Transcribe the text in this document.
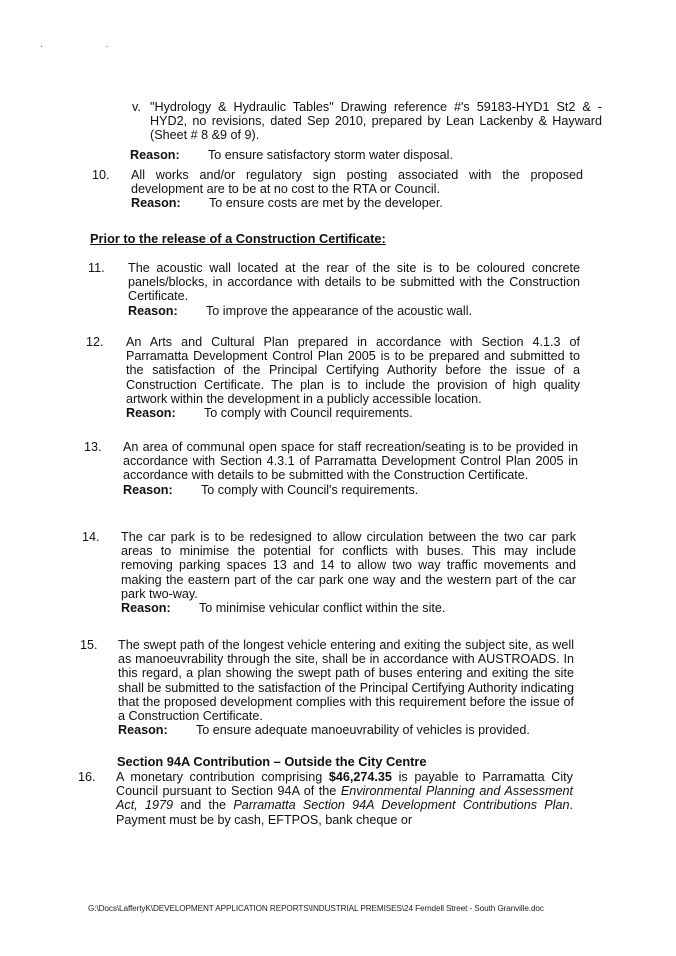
. .
v. "Hydrology & Hydraulic Tables" Drawing reference #'s 59183-HYD1 St2 & -HYD2, no revisions, dated Sep 2010, prepared by Lean Lackenby & Hayward (Sheet # 8 &9 of 9).

Reason: To ensure satisfactory storm water disposal.

10.	All works and/or regulatory sign posting associated with the proposed development are to be at no cost to the RTA or Council.

Reason: To ensure costs are met by the developer.

Prior to the release of a Construction Certificate:
11.	The acoustic wall located at the rear of the site is to be coloured concrete panels/blocks, in accordance with details to be submitted with the Construction Certificate.

Reason: To improve the appearance of the acoustic wall.

12.	An Arts and Cultural Plan prepared in accordance with Section 4.1.3 of Parramatta Development Control Plan 2005 is to be prepared and submitted to the satisfaction of the Principal Certifying Authority before the issue of a Construction Certificate. The plan is to include the provision of high quality artwork within the development in a publicly accessible location.

Reason: To comply with Council requirements.

13.	An area of communal open space for staff recreation/seating is to be provided in accordance with Section 4.3.1 of Parramatta Development Control Plan 2005 in accordance with details to be submitted with the Construction Certificate.

Reason: To comply with Council's requirements.

14.	The car park is to be redesigned to allow circulation between the two car park areas to minimise the potential for conflicts with buses. This may include removing parking spaces 13 and 14 to allow two way traffic movements and making the eastern part of the car park one way and the western part of the car park two-way.

Reason: To minimise vehicular conflict within the site.

15.	The swept path of the longest vehicle entering and exiting the subject site, as well as manoeuvrability through the site, shall be in accordance with AUSTROADS. In this regard, a plan showing the swept path of buses entering and exiting the site shall be submitted to the satisfaction of the Principal Certifying Authority indicating that the proposed development complies with this requirement before the issue of a Construction Certificate.

Reason: To ensure adequate manoeuvrability of vehicles is provided.

Section 94A Contribution – Outside the City Centre
16.	A monetary contribution comprising $46,274.35 is payable to Parramatta City Council pursuant to Section 94A of the Environmental Planning and Assessment Act, 1979 and the Parramatta Section 94A Development Contributions Plan. Payment must be by cash, EFTPOS, bank cheque or

G:\Docs\LaffertyK\DEVELOPMENT APPLICATION REPORTS\INDUSTRIAL PREMISES\24 Ferndell Street - South Granville.doc
